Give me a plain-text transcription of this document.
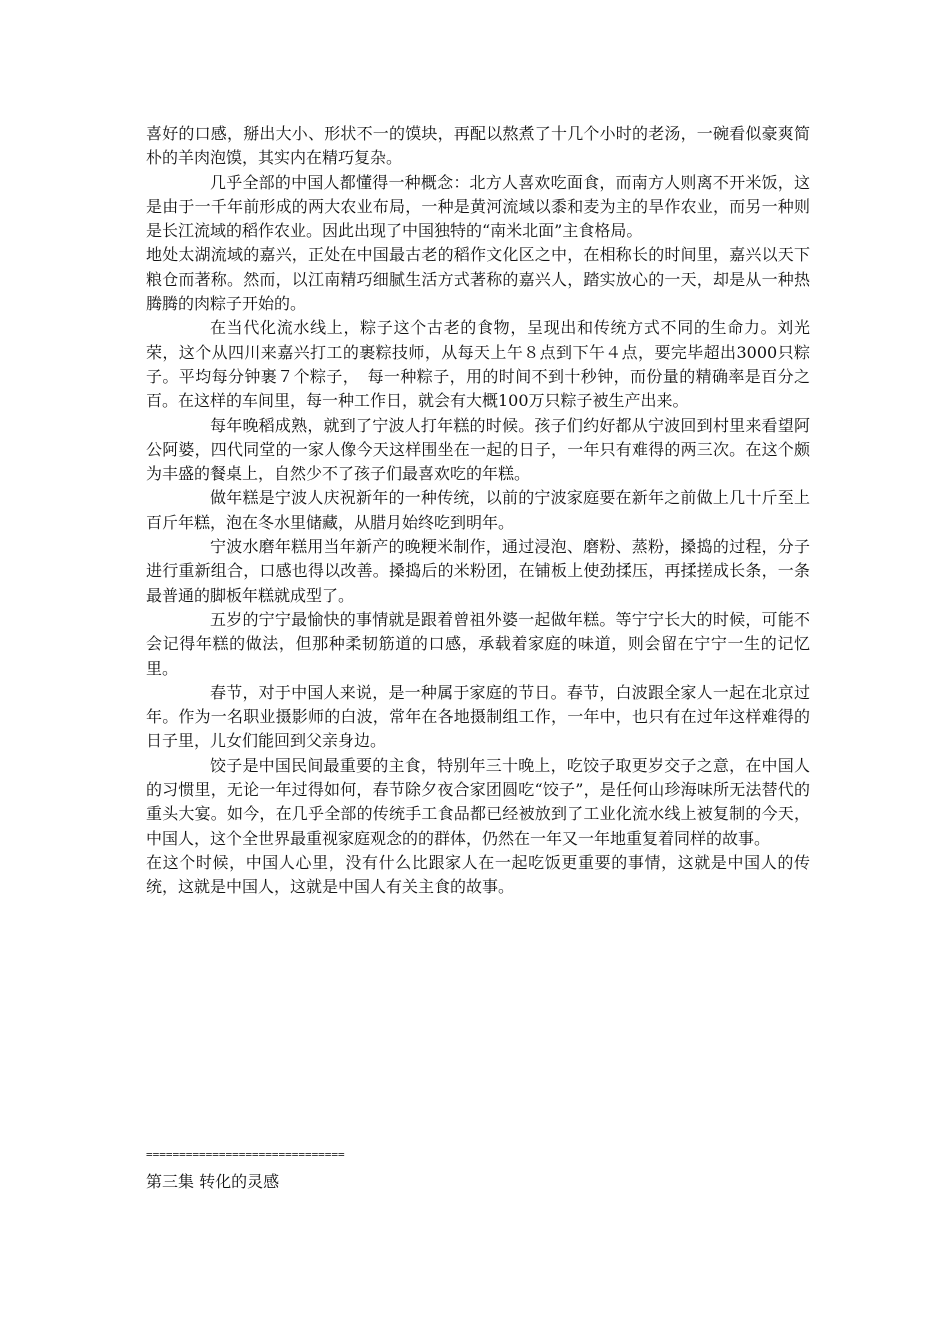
喜好的口感，掰出大小、形状不一的馍块，再配以熬煮了十几个小时的老汤，一碗看似豪爽简朴的羊肉泡馍，其实内在精巧复杂。

几乎全部的中国人都懂得一种概念：北方人喜欢吃面食，而南方人则离不开米饭，这是由于一千年前形成的两大农业布局，一种是黄河流域以黍和麦为主的旱作农业，而另一种则是长江流域的稻作农业。因此出现了中国独特的“南米北面”主食格局。

地处太湖流域的嘉兴，正处在中国最古老的稻作文化区之中，在相称长的时间里，嘉兴以天下粮仓而著称。然而，以江南精巧细腻生活方式著称的嘉兴人，踏实放心的一天，却是从一种热腾腾的肉粽子开始的。

在当代化流水线上，粽子这个古老的食物，呈现出和传统方式不同的生命力。刘光荣，这个从四川来嘉兴打工的裹粽技师，从每天上午８点到下午４点，要完毕超出3000只粽子。平均每分钟裹７个粽子，　每一种粽子，用的时间不到十秒钟，而份量的精确率是百分之百。在这样的车间里，每一种工作日，就会有大概100万只粽子被生产出来。

每年晚稻成熟，就到了宁波人打年糕的时候。孩子们约好都从宁波回到村里来看望阿公阿婆，四代同堂的一家人像今天这样围坐在一起的日子，一年只有难得的两三次。在这个颇为丰盛的餐桌上，自然少不了孩子们最喜欢吃的年糕。

做年糕是宁波人庆祝新年的一种传统，以前的宁波家庭要在新年之前做上几十斤至上百斤年糕，泡在冬水里储藏，从腊月始终吃到明年。

宁波水磨年糕用当年新产的晚粳米制作，通过浸泡、磨粉、蒸粉，搡捣的过程，分子进行重新组合，口感也得以改善。搡捣后的米粉团，在铺板上使劲揉压，再揉搓成长条，一条最普通的脚板年糕就成型了。

五岁的宁宁最愉快的事情就是跟着曾祖外婆一起做年糕。等宁宁长大的时候，可能不会记得年糕的做法，但那种柔韧筋道的口感，承载着家庭的味道，则会留在宁宁一生的记忆里。

春节，对于中国人来说，是一种属于家庭的节日。春节，白波跟全家人一起在北京过年。作为一名职业摄影师的白波，常年在各地摄制组工作，一年中，也只有在过年这样难得的日子里，儿女们能回到父亲身边。

饺子是中国民间最重要的主食，特别年三十晚上，吃饺子取更岁交子之意，在中国人的习惯里，无论一年过得如何，春节除夕夜合家团圆吃“饺子”，是任何山珍海味所无法替代的重头大宴。如今，在几乎全部的传统手工食品都已经被放到了工业化流水线上被复制的今天，中国人，这个全世界最重视家庭观念的的群体，仍然在一年又一年地重复着同样的故事。

在这个时候，中国人心里，没有什么比跟家人在一起吃饭更重要的事情，这就是中国人的传统，这就是中国人，这就是中国人有关主食的故事。

==============================
第三集 转化的灵感
